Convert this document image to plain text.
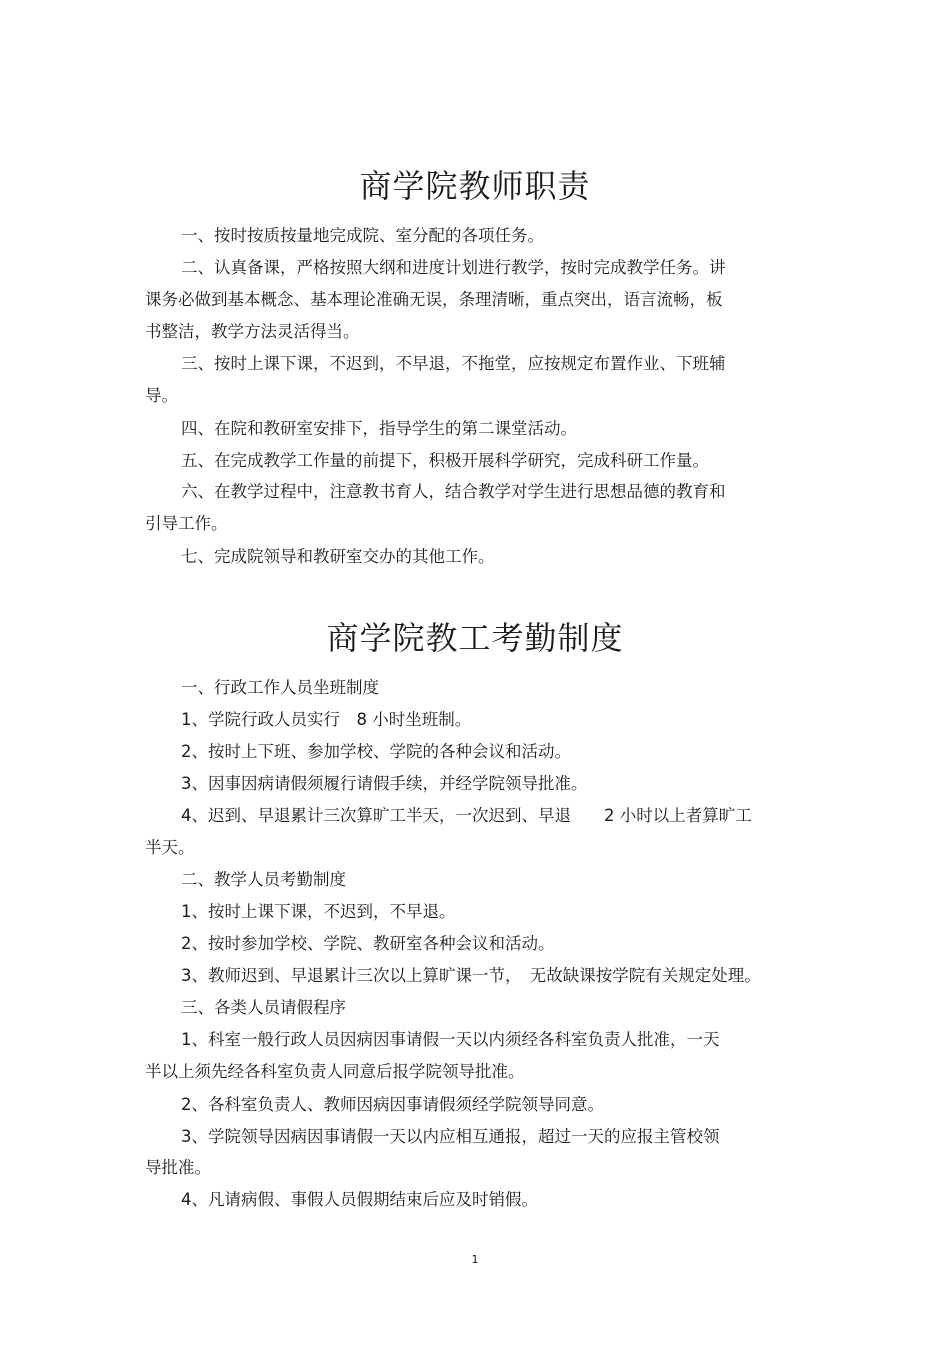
商学院教师职责

一、按时按质按量地完成院、室分配的各项任务。

二、认真备课，严格按照大纲和进度计划进行教学，按时完成教学任务。讲

课务必做到基本概念、基本理论准确无误，条理清晰，重点突出，语言流畅，板

书整洁，教学方法灵活得当。

三、按时上课下课，不迟到，不早退，不拖堂，应按规定布置作业、下班辅

导。

四、在院和教研室安排下，指导学生的第二课堂活动。

五、在完成教学工作量的前提下，积极开展科学研究，完成科研工作量。

六、在教学过程中，注意教书育人，结合教学对学生进行思想品德的教育和

引导工作。

七、完成院领导和教研室交办的其他工作。

商学院教工考勤制度

一、行政工作人员坐班制度

1、学院行政人员实行　8 小时坐班制。

2、按时上下班、参加学校、学院的各种会议和活动。

3、因事因病请假须履行请假手续，并经学院领导批准。

4、迟到、早退累计三次算旷工半天，一次迟到、早退　　2 小时以上者算旷工

半天。

二、教学人员考勤制度

1、按时上课下课，不迟到，不早退。

2、按时参加学校、学院、教研室各种会议和活动。

3、教师迟到、早退累计三次以上算旷课一节，　无故缺课按学院有关规定处理。

三、各类人员请假程序

1、科室一般行政人员因病因事请假一天以内须经各科室负责人批准，一天

半以上须先经各科室负责人同意后报学院领导批准。

2、各科室负责人、教师因病因事请假须经学院领导同意。

3、学院领导因病因事请假一天以内应相互通报，超过一天的应报主管校领

导批准。

4、凡请病假、事假人员假期结束后应及时销假。

1
